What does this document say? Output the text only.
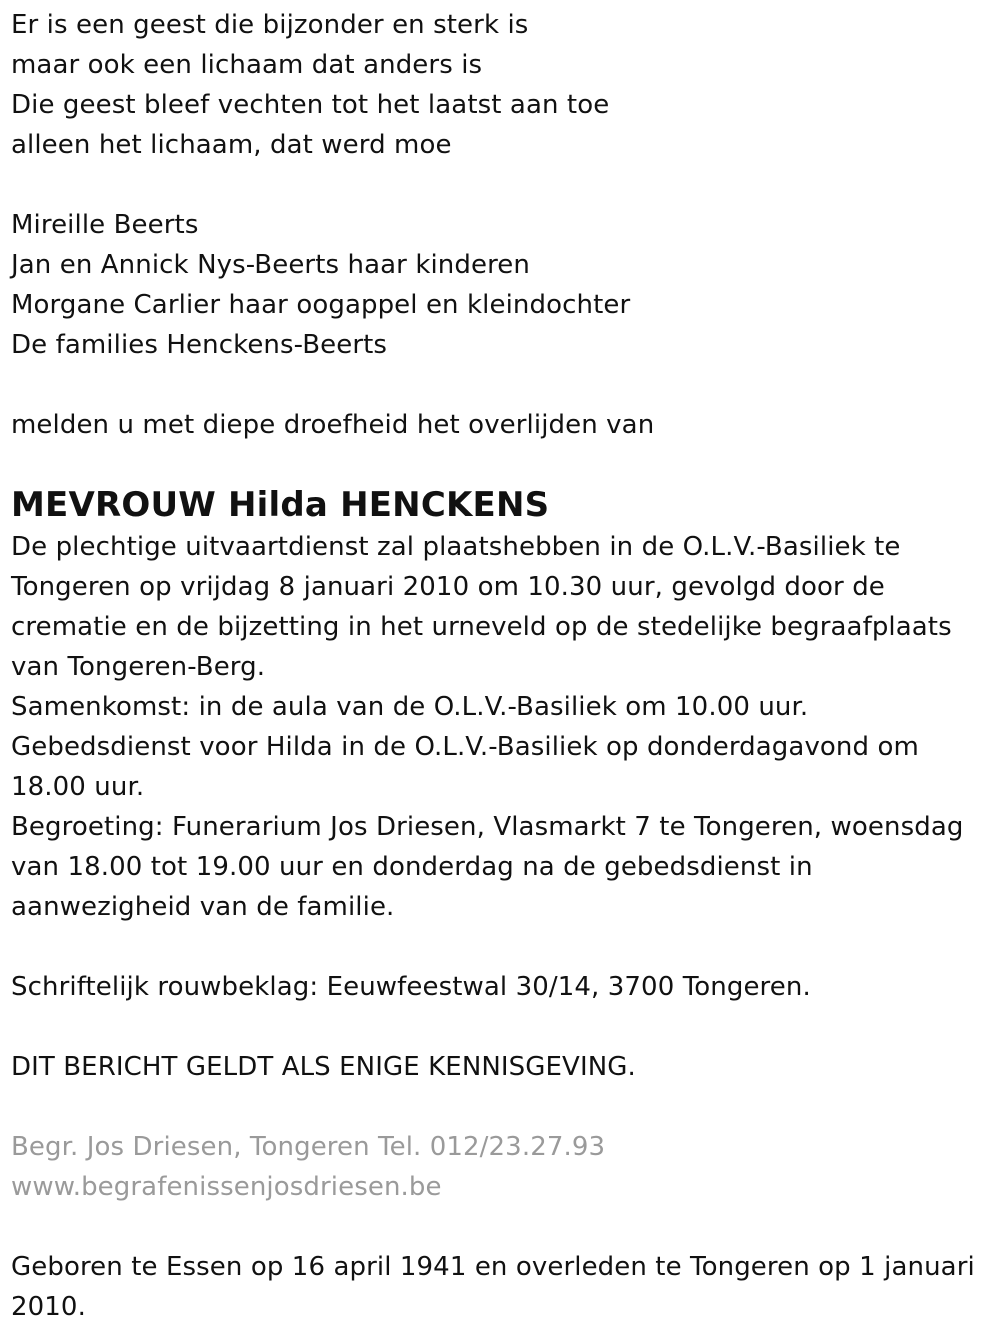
Er is een geest die bijzonder en sterk is
maar ook een lichaam dat anders is
Die geest bleef vechten tot het laatst aan toe
alleen het lichaam, dat werd moe
Mireille Beerts
Jan en Annick Nys-Beerts haar kinderen
Morgane Carlier haar oogappel en kleindochter
De families Henckens-Beerts
melden u met diepe droefheid het overlijden van
MEVROUW Hilda HENCKENS
De plechtige uitvaartdienst zal plaatshebben in de O.L.V.-Basiliek te
Tongeren op vrijdag 8 januari 2010 om 10.30 uur, gevolgd door de
crematie en de bijzetting in het urneveld op de stedelijke begraafplaats
van Tongeren-Berg.
Samenkomst: in de aula van de O.L.V.-Basiliek om 10.00 uur.
Gebedsdienst voor Hilda in de O.L.V.-Basiliek op donderdagavond om
18.00 uur.
Begroeting: Funerarium Jos Driesen, Vlasmarkt 7 te Tongeren, woensdag
van 18.00 tot 19.00 uur en donderdag na de gebedsdienst in
aanwezigheid van de familie.
Schriftelijk rouwbeklag: Eeuwfeestwal 30/14, 3700 Tongeren.
DIT BERICHT GELDT ALS ENIGE KENNISGEVING.
Begr. Jos Driesen, Tongeren Tel. 012/23.27.93
www.begrafenissenjosdriesen.be
Geboren te Essen op 16 april 1941 en overleden te Tongeren op 1 januari
2010.
